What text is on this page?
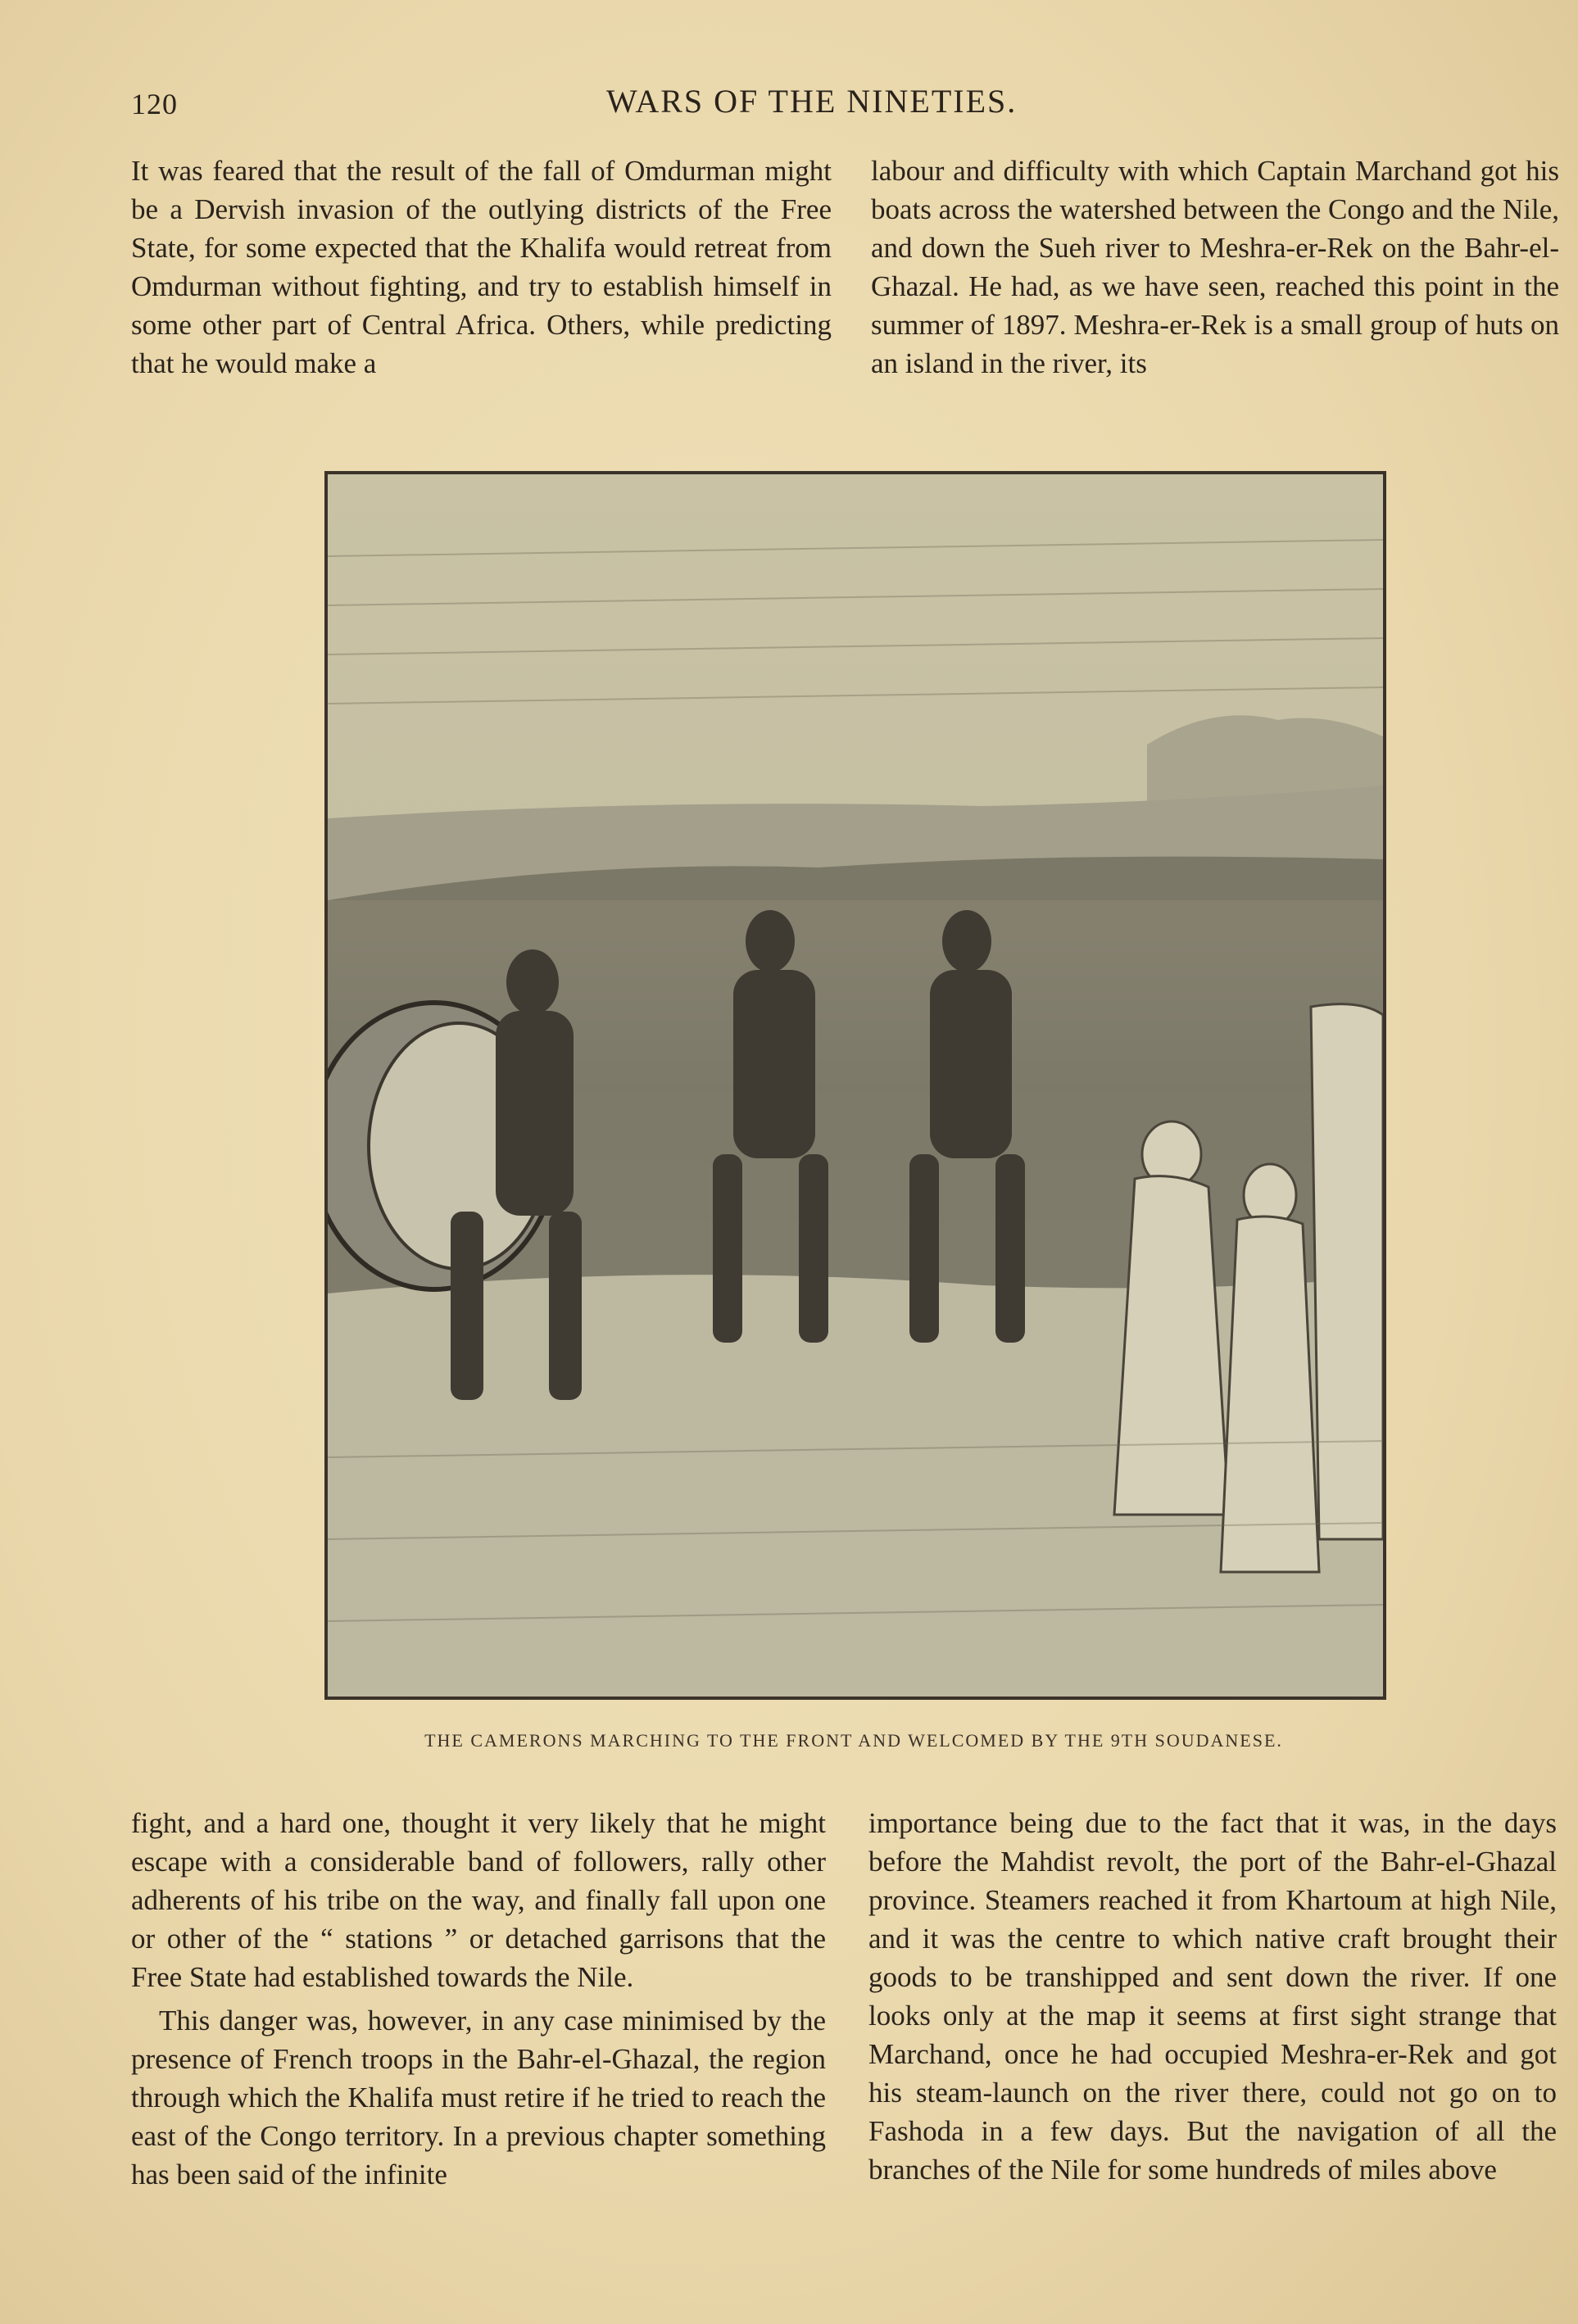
120	WARS OF THE NINETIES.

It was feared that the result of the fall of Omdurman might be a Dervish invasion of the outlying districts of the Free State, for some expected that the Khalifa would retreat from Omdurman without fighting, and try to establish himself in some other part of Central Africa. Others, while predicting that he would make a

labour and difficulty with which Captain Marchand got his boats across the watershed between the Congo and the Nile, and down the Sueh river to Meshra-er-Rek on the Bahr-el-Ghazal. He had, as we have seen, reached this point in the summer of 1897. Meshra-er-Rek is a small group of huts on an island in the river, its

THE CAMERONS MARCHING TO THE FRONT AND WELCOMED BY THE 9TH SOUDANESE.

fight, and a hard one, thought it very likely that he might escape with a considerable band of followers, rally other adherents of his tribe on the way, and finally fall upon one or other of the “ stations ” or detached garrisons that the Free State had established towards the Nile.

This danger was, however, in any case minimised by the presence of French troops in the Bahr-el-Ghazal, the region through which the Khalifa must retire if he tried to reach the east of the Congo territory. In a previous chapter something has been said of the infinite

importance being due to the fact that it was, in the days before the Mahdist revolt, the port of the Bahr-el-Ghazal province. Steamers reached it from Khartoum at high Nile, and it was the centre to which native craft brought their goods to be transhipped and sent down the river. If one looks only at the map it seems at first sight strange that Marchand, once he had occupied Meshra-er-Rek and got his steam-launch on the river there, could not go on to Fashoda in a few days. But the navigation of all the branches of the Nile for some hundreds of miles above
